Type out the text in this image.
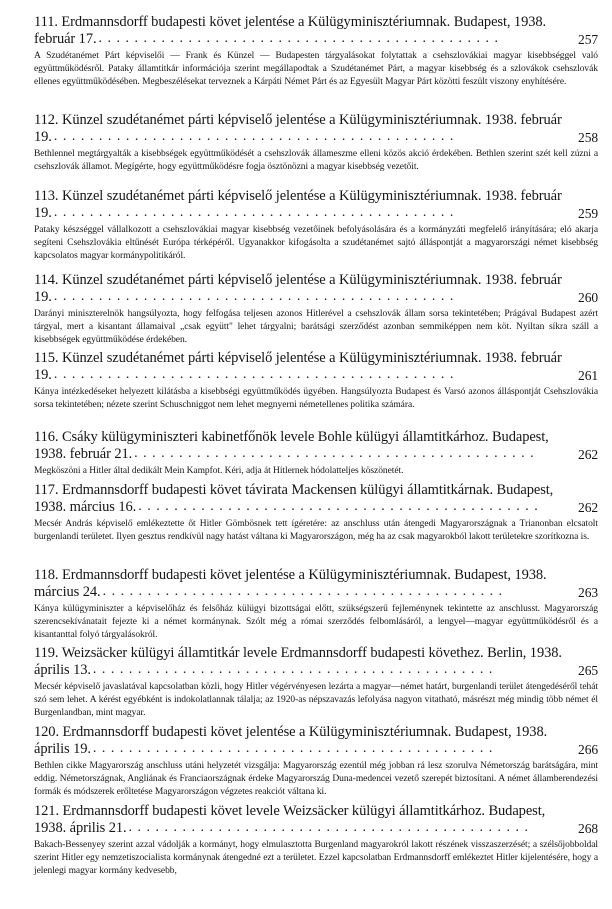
111. Erdmannsdorff budapesti követ jelentése a Külügyminisztériumnak. Budapest, 1938. február 17. . . .	257
A Szudétanémet Párt képviselői — Frank és Künzel — Budapesten tárgyalásokat folytattak a csehszlovákiai magyar kisebbséggel való együttműködésről. Pataky államtitkár információja szerint megállapodtak a Szudétanémet Párt, a magyar kisebbség és a szlovákok csehszlovák ellenes együttműködésében. Megbeszélésekat terveznek a Kárpáti Német Párt és az Egyesült Magyar Párt közötti feszült viszony enyhítésére.
112. Künzel szudétanémet párti képviselő jelentése a Külügyminisztériumnak. 1938. február 19. . . .	258
Bethlennel megtárgyalták a kisebbségek együttműködését a csehszlovák állameszme elleni közös akció érdekében. Bethlen szerint szét kell zúzni a csehszlovák államot. Megígérte, hogy együttműködésre fogja ösztönözni a magyar kisebbség vezetőit.
113. Künzel szudétanémet párti képviselő jelentése a Külügyminisztériumnak. 1938. február 19. . . .	259
Pataky készséggel vállalkozott a csehszlovákiai magyar kisebbség vezetőinek befolyásolására és a kormányzáti megfelelő irányítására; eló akarja segíteni Csehszlovákia eltűnését Európa térképéről. Ugyanakkor kifogásolta a szudétanémet sajtó álláspontját a magyarországi német kisebbség kapcsolatos magyar kormánypolitikáról.
114. Künzel szudétanémet párti képviselő jelentése a Külügyminisztériumnak. 1938. február 19. . . .	260
Darányi miniszterelnök hangsúlyozta, hogy felfogása teljesen azonos Hitlerével a csehszlovák állam sorsa tekintetében; Prágával Budapest azért tárgyal, mert a kisantant államaival „csak együtt" lehet tárgyalni; barátsági szerződést azonban semmiképpen nem köt. Nyiltan síkra száll a kisebbségek együttműködése érdekében.
115. Künzel szudétanémet párti képviselő jelentése a Külügyminisztériumnak. 1938. február 19. . . .	261
Kánya intézkedéseket helyezett kilátásba a kisebbségi együttműködés ügyében. Hangsúlyozta Budapest és Varsó azonos álláspontját Csehszlovákia sorsa tekintetében; nézete szerint Schuschniggot nem lehet megnyerni németellenes politika számára.
116. Csáky külügyminiszteri kabinetfőnök levele Bohle külügyi államtitkárhoz. Budapest, 1938. február 21. . . .	262
Megköszöni a Hitler által dedikált Mein Kampfot. Kéri, adja át Hitlernek hódolatteljes köszönetét.
117. Erdmannsdorff budapesti követ távirata Mackensen külügyi államtitkárnak. Budapest, 1938. március 16. . . .	262
Mecsér András képviselő emlékeztette őt Hitler Gömbösnek tett ígéretére: az anschluss után átengedi Magyarországnak a Trianonban elcsatolt burgenlandi területet. Ilyen gesztus rendkívül nagy hatást váltana ki Magyarországon, még ha az csak magyarokból lakott területekre szorítkozna is.
118. Erdmannsdorff budapesti követ jelentése a Külügyminisztériumnak. Budapest, 1938. március 24. . . .	263
Kánya külügyminiszter a képviselőház és felsőház külügyi bizottságai előtt, szükségszerű fejleménynek tekintette az anschlusst. Magyarország szerencsekívánatait fejezte ki a német kormánynak. Szólt még a római szerződés felbomlásáról, a lengyel—magyar együttműködésről és a kisantanttal folyó tárgyalásokról.
119. Weizsäcker külügyi államtitkár levele Erdmannsdorff budapesti követhez. Berlin, 1938. április 13. . . .	265
Mecsér képviselő javaslatával kapcsolatban közli, hogy Hitler végérvényesen lezárta a magyar—német határt, burgenlandi terület átengedéséről tehát szó sem lehet. A kérést egyébként is indokolatlannak tálalja; az 1920-as népszavazás lefolyása nagyon vitatható, másrészt még mindig több német él Burgenlandban, mint magyar.
120. Erdmannsdorff budapesti követ jelentése a Külügyminisztériumnak. Budapest, 1938. április 19. . . .	266
Bethlen cikke Magyarország anschluss utáni helyzetét vizsgálja: Magyarország ezentúl még jobban rá lesz szorulva Németország barátságára, mint eddig. Németországnak, Angliának és Franciaországnak érdeke Magyarország Duna-medencei vezető szerepét biztosítani. A német államberendezési formák és módszerek erőltetése Magyarországon végzetes reakciót váltana ki.
121. Erdmannsdorff budapesti követ levele Weizsäcker külügyi államtitkárhoz. Budapest, 1938. április 21. . . .	268
Bakach-Bessenyey szerint azzal vádolják a kormányt, hogy elmulasztotta Burgenland magyarokról lakott részének visszaszerzését; a szélsőjobboldal szerint Hitler egy nemzetiszocialista kormánynak átengedné ezt a területet. Ezzel kapcsolatban Erdmannsdorff emlékeztet Hitler kijelentésére, hogy a jelenlegi magyar kormány kedvesebb,
